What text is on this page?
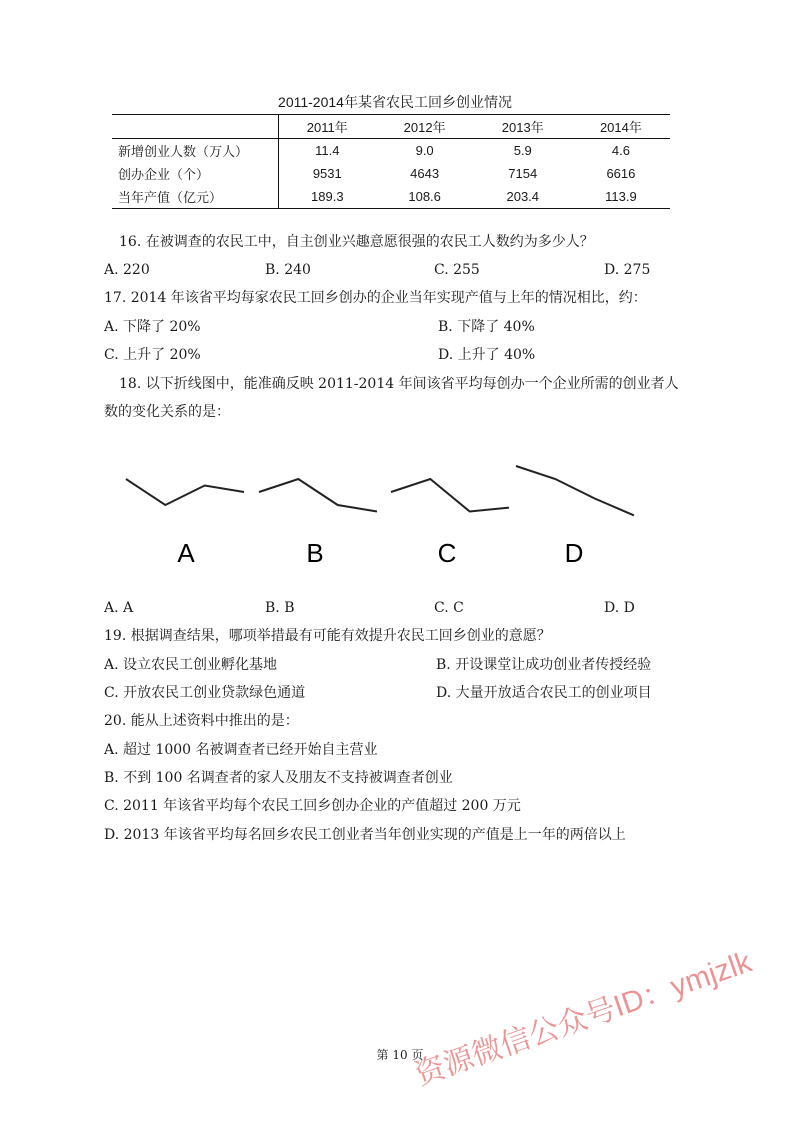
2011-2014年某省农民工回乡创业情况
	2011年	2012年	2013年	2014年
新增创业人数（万人）	11.4	9.0	5.9	4.6
创办企业（个）	9531	4643	7154	6616
当年产值（亿元）	189.3	108.6	203.4	113.9
16. 在被调查的农民工中，自主创业兴趣意愿很强的农民工人数约为多少人？
A. 220	B. 240	C. 255	D. 275
17. 2014 年该省平均每家农民工回乡创办的企业当年实现产值与上年的情况相比，约：
A. 下降了 20%	B. 下降了 40%
C. 上升了 20%	D. 上升了 40%
18. 以下折线图中，能准确反映 2011-2014 年间该省平均每创办一个企业所需的创业者人
数的变化关系的是：
A	B	C	D
A. A	B. B	C. C	D. D
19. 根据调查结果，哪项举措最有可能有效提升农民工回乡创业的意愿？
A. 设立农民工创业孵化基地	B. 开设课堂让成功创业者传授经验
C. 开放农民工创业贷款绿色通道	D. 大量开放适合农民工的创业项目
20. 能从上述资料中推出的是：
A. 超过 1000 名被调查者已经开始自主营业
B. 不到 100 名调查者的家人及朋友不支持被调查者创业
C. 2011 年该省平均每个农民工回乡创办企业的产值超过 200 万元
D. 2013 年该省平均每名回乡农民工创业者当年创业实现的产值是上一年的两倍以上
第 10 页
资源微信公众号ID：ymjzlk
